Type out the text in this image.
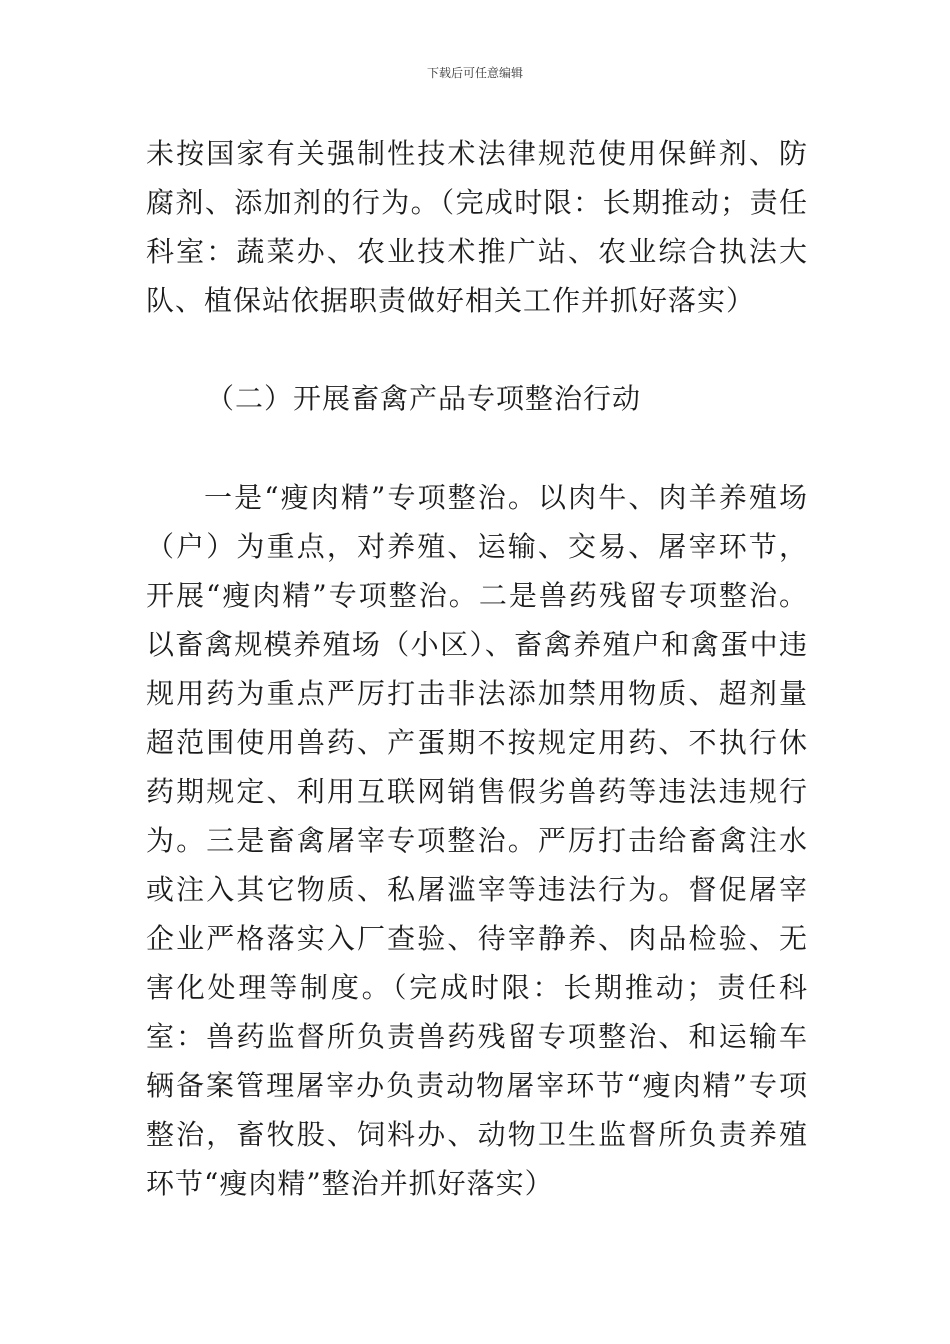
下载后可任意编辑

未按国家有关强制性技术法律规范使用保鲜剂、防腐剂、添加剂的行为。（完成时限：长期推动；责任科室：蔬菜办、农业技术推广站、农业综合执法大队、植保站依据职责做好相关工作并抓好落实）

（二）开展畜禽产品专项整治行动

一是“瘦肉精”专项整治。以肉牛、肉羊养殖场（户）为重点，对养殖、运输、交易、屠宰环节，开展“瘦肉精”专项整治。二是兽药残留专项整治。以畜禽规模养殖场（小区）、畜禽养殖户和禽蛋中违规用药为重点严厉打击非法添加禁用物质、超剂量超范围使用兽药、产蛋期不按规定用药、不执行休药期规定、利用互联网销售假劣兽药等违法违规行为。三是畜禽屠宰专项整治。严厉打击给畜禽注水或注入其它物质、私屠滥宰等违法行为。督促屠宰企业严格落实入厂查验、待宰静养、肉品检验、无害化处理等制度。（完成时限：长期推动；责任科室：兽药监督所负责兽药残留专项整治、和运输车辆备案管理屠宰办负责动物屠宰环节“瘦肉精”专项整治，畜牧股、饲料办、动物卫生监督所负责养殖环节“瘦肉精”整治并抓好落实）
